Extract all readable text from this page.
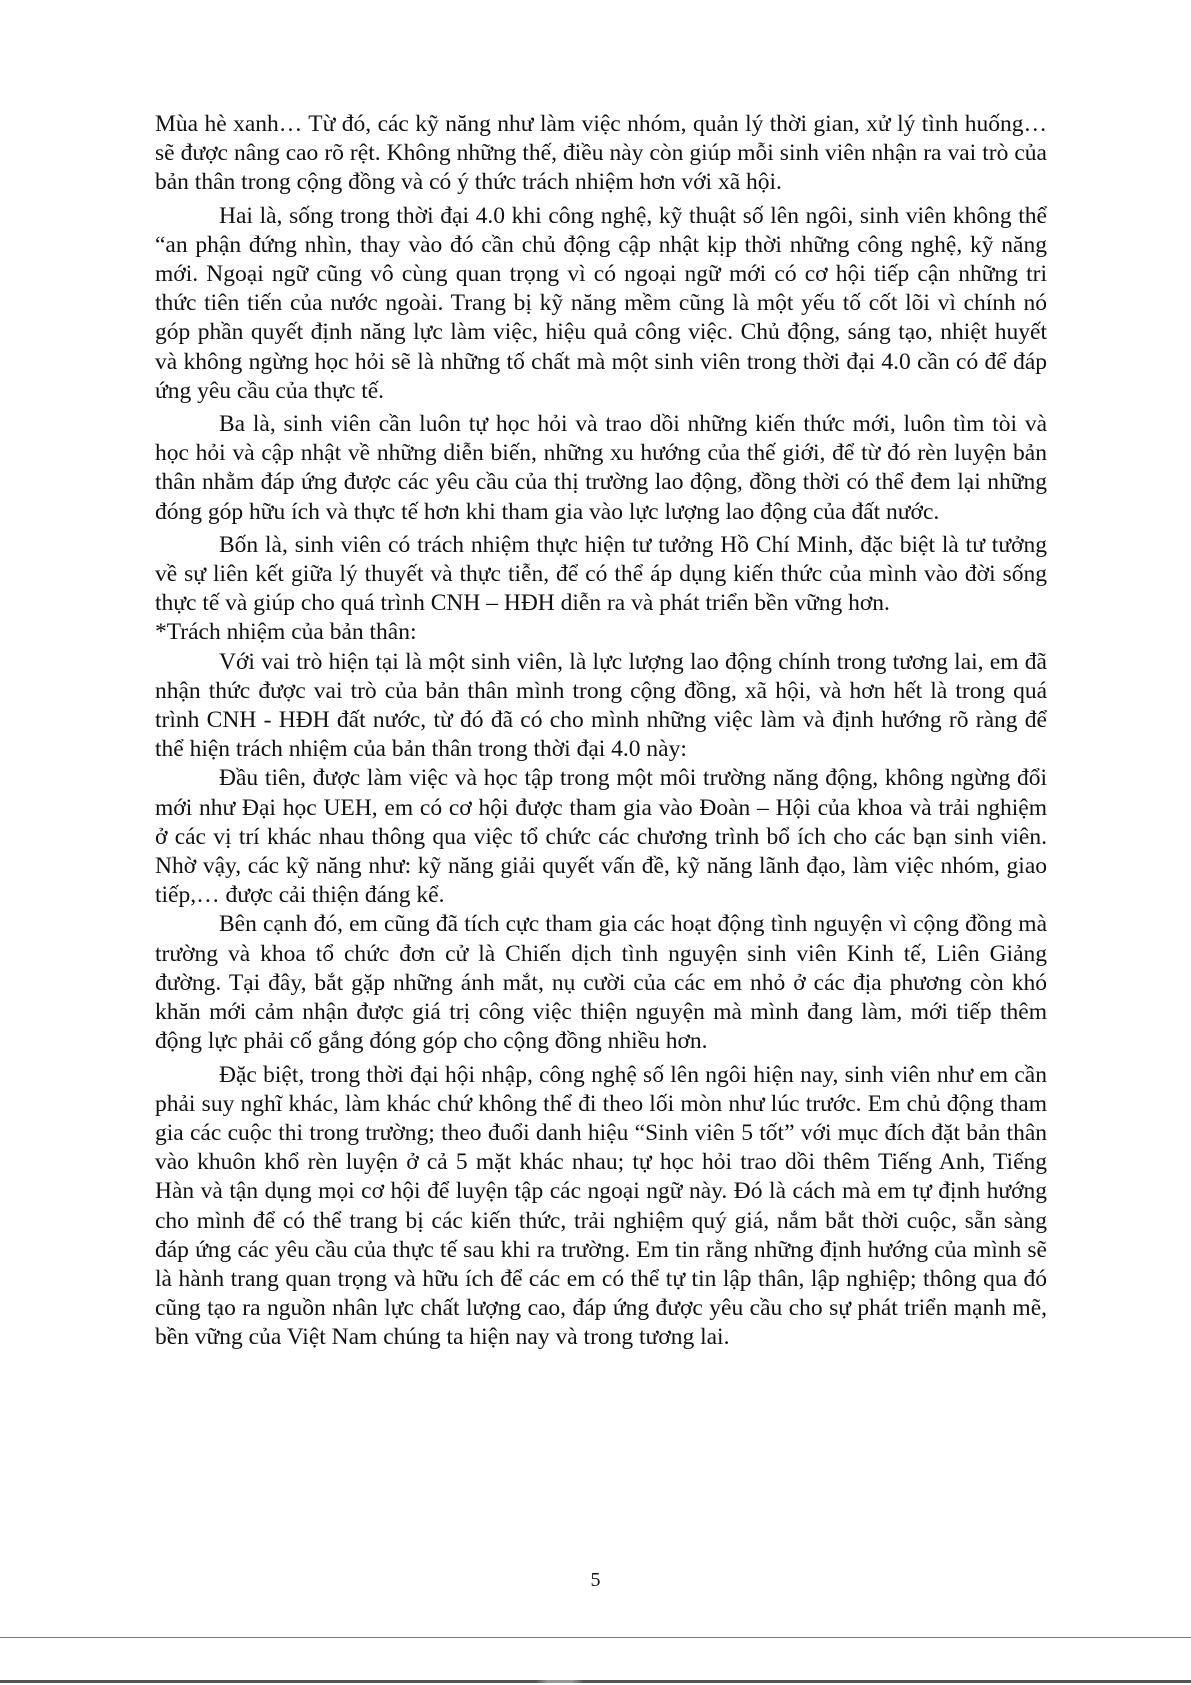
Mùa hè xanh… Từ đó, các kỹ năng như làm việc nhóm, quản lý thời gian, xử lý tình huống… sẽ được nâng cao rõ rệt. Không những thế, điều này còn giúp mỗi sinh viên nhận ra vai trò của bản thân trong cộng đồng và có ý thức trách nhiệm hơn với xã hội.

Hai là, sống trong thời đại 4.0 khi công nghệ, kỹ thuật số lên ngôi, sinh viên không thể “an phận đứng nhìn, thay vào đó cần chủ động cập nhật kịp thời những công nghệ, kỹ năng mới. Ngoại ngữ cũng vô cùng quan trọng vì có ngoại ngữ mới có cơ hội tiếp cận những tri thức tiên tiến của nước ngoài. Trang bị kỹ năng mềm cũng là một yếu tố cốt lõi vì chính nó góp phần quyết định năng lực làm việc, hiệu quả công việc. Chủ động, sáng tạo, nhiệt huyết và không ngừng học hỏi sẽ là những tố chất mà một sinh viên trong thời đại 4.0 cần có để đáp ứng yêu cầu của thực tế.

Ba là, sinh viên cần luôn tự học hỏi và trao dồi những kiến thức mới, luôn tìm tòi và học hỏi và cập nhật về những diễn biến, những xu hướng của thế giới, để từ đó rèn luyện bản thân nhằm đáp ứng được các yêu cầu của thị trường lao động, đồng thời có thể đem lại những đóng góp hữu ích và thực tế hơn khi tham gia vào lực lượng lao động của đất nước.

Bốn là, sinh viên có trách nhiệm thực hiện tư tưởng Hồ Chí Minh, đặc biệt là tư tưởng về sự liên kết giữa lý thuyết và thực tiễn, để có thể áp dụng kiến thức của mình vào đời sống thực tế và giúp cho quá trình CNH – HĐH diễn ra và phát triển bền vững hơn.

*Trách nhiệm của bản thân:

Với vai trò hiện tại là một sinh viên, là lực lượng lao động chính trong tương lai, em đã nhận thức được vai trò của bản thân mình trong cộng đồng, xã hội, và hơn hết là trong quá trình CNH - HĐH đất nước, từ đó đã có cho mình những việc làm và định hướng rõ ràng để thể hiện trách nhiệm của bản thân trong thời đại 4.0 này:

Đầu tiên, được làm việc và học tập trong một môi trường năng động, không ngừng đổi mới như Đại học UEH, em có cơ hội được tham gia vào Đoàn – Hội của khoa và trải nghiệm ở các vị trí khác nhau thông qua việc tổ chức các chương trình bổ ích cho các bạn sinh viên. Nhờ vậy, các kỹ năng như: kỹ năng giải quyết vấn đề, kỹ năng lãnh đạo, làm việc nhóm, giao tiếp,… được cải thiện đáng kể.

Bên cạnh đó, em cũng đã tích cực tham gia các hoạt động tình nguyện vì cộng đồng mà trường và khoa tổ chức đơn cử là Chiến dịch tình nguyện sinh viên Kinh tế, Liên Giảng đường. Tại đây, bắt gặp những ánh mắt, nụ cười của các em nhỏ ở các địa phương còn khó khăn mới cảm nhận được giá trị công việc thiện nguyện mà mình đang làm, mới tiếp thêm động lực phải cố gắng đóng góp cho cộng đồng nhiều hơn.

Đặc biệt, trong thời đại hội nhập, công nghệ số lên ngôi hiện nay, sinh viên như em cần phải suy nghĩ khác, làm khác chứ không thể đi theo lối mòn như lúc trước. Em chủ động tham gia các cuộc thi trong trường; theo đuổi danh hiệu “Sinh viên 5 tốt” với mục đích đặt bản thân vào khuôn khổ rèn luyện ở cả 5 mặt khác nhau; tự học hỏi trao dồi thêm Tiếng Anh, Tiếng Hàn và tận dụng mọi cơ hội để luyện tập các ngoại ngữ này. Đó là cách mà em tự định hướng cho mình để có thể trang bị các kiến thức, trải nghiệm quý giá, nắm bắt thời cuộc, sẵn sàng đáp ứng các yêu cầu của thực tế sau khi ra trường. Em tin rằng những định hướng của mình sẽ là hành trang quan trọng và hữu ích để các em có thể tự tin lập thân, lập nghiệp; thông qua đó cũng tạo ra nguồn nhân lực chất lượng cao, đáp ứng được yêu cầu cho sự phát triển mạnh mẽ, bền vững của Việt Nam chúng ta hiện nay và trong tương lai.

5
